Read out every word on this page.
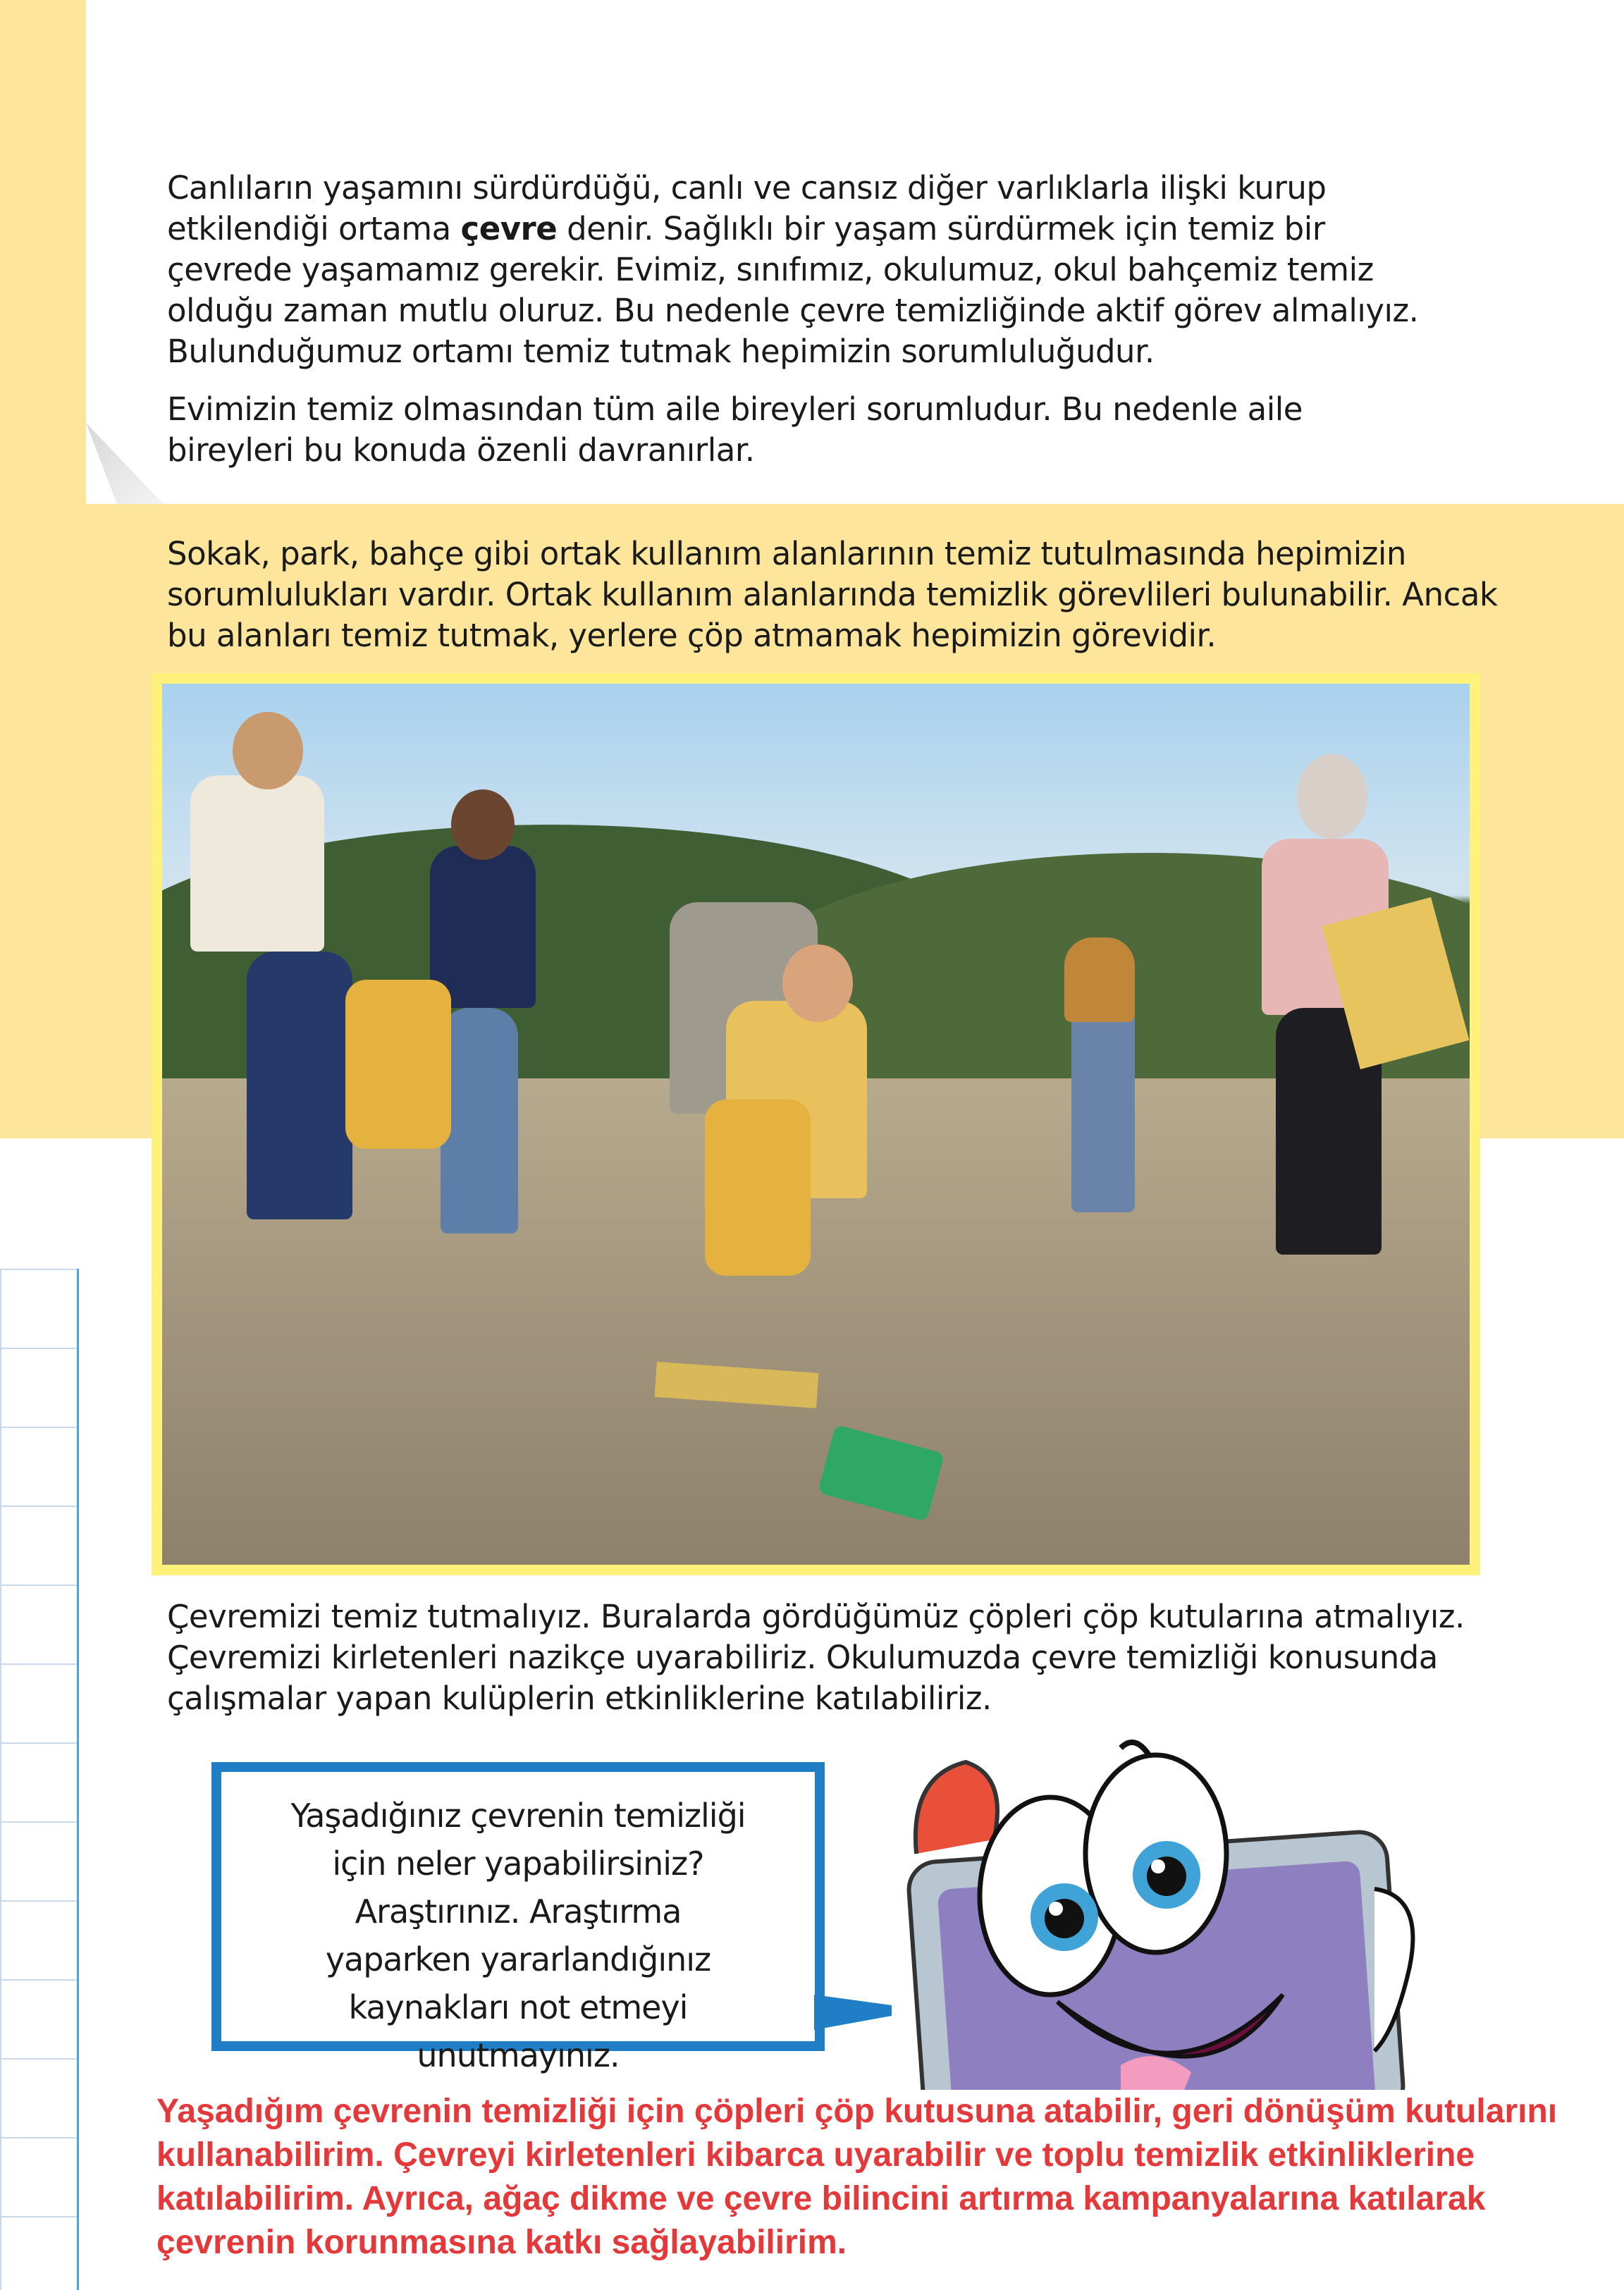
Canlıların yaşamını sürdürdüğü, canlı ve cansız diğer varlıklarla ilişki kurup etkilendiği ortama çevre denir. Sağlıklı bir yaşam sürdürmek için temiz bir çevrede yaşamamız gerekir. Evimiz, sınıfımız, okulumuz, okul bahçemiz temiz olduğu zaman mutlu oluruz. Bu nedenle çevre temizliğinde aktif görev almalıyız. Bulunduğumuz ortamı temiz tutmak hepimizin sorumluluğudur.

Evimizin temiz olmasından tüm aile bireyleri sorumludur. Bu nedenle aile bireyleri bu konuda özenli davranırlar.

Sokak, park, bahçe gibi ortak kullanım alanlarının temiz tutulmasında hepimizin sorumlulukları vardır. Ortak kullanım alanlarında temizlik görevlileri bulunabilir. Ancak bu alanları temiz tutmak, yerlere çöp atmamak hepimizin görevidir.

Çevremizi temiz tutmalıyız. Buralarda gördüğümüz çöpleri çöp kutularına atmalıyız. Çevremizi kirletenleri nazikçe uyarabiliriz. Okulumuzda çevre temizliği konusunda çalışmalar yapan kulüplerin etkinliklerine katılabiliriz.

Yaşadığınız çevrenin temizliği
için neler yapabilirsiniz?
Araştırınız. Araştırma
yaparken yararlandığınız
kaynakları not etmeyi
unutmayınız.
Yaşadığım çevrenin temizliği için çöpleri çöp kutusuna atabilir, geri dönüşüm kutularını kullanabilirim. Çevreyi kirletenleri kibarca uyarabilir ve toplu temizlik etkinliklerine katılabilirim. Ayrıca, ağaç dikme ve çevre bilincini artırma kampanyalarına katılarak çevrenin korunmasına katkı sağlayabilirim.
